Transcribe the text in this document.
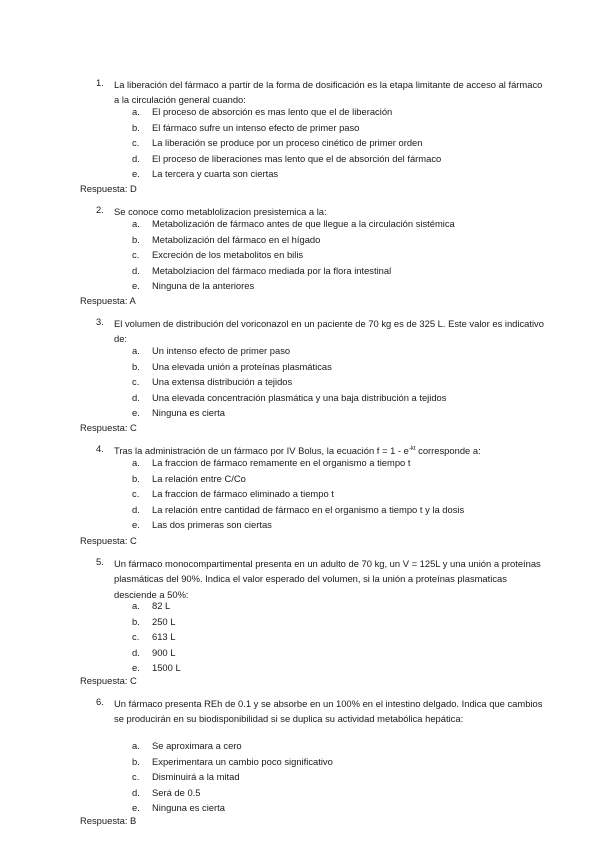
1. La liberación del fármaco a partir de la forma de dosificación es la etapa limitante de acceso al fármaco a la circulación general cuando:
a. El proceso de absorción es mas lento que el de liberación
b. El fármaco sufre un intenso efecto de primer paso
c. La liberación se produce por un proceso cinético de primer orden
d. El proceso de liberaciones mas lento que el de absorción del fármaco
e. La tercera y cuarta son ciertas
Respuesta: D
2. Se conoce como metablolizacion presistemica a la:
a. Metabolización de fármaco antes de que llegue a la circulación sistémica
b. Metabolización del fármaco en el hígado
c. Excreción de los metabolitos en bilis
d. Metabolziacion del fármaco mediada por la flora intestinal
e. Ninguna de la anteriores
Respuesta: A
3. El volumen de distribución del voriconazol en un paciente de 70 kg es de 325 L. Este valor es indicativo de:
a. Un intenso efecto de primer paso
b. Una elevada unión a proteínas plasmáticas
c. Una extensa distribución a tejidos
d. Una elevada concentración plasmática y una baja distribución a tejidos
e. Ninguna es cierta
Respuesta: C
4. Tras la administración de un fármaco por IV Bolus, la ecuación $f = 1 - e^{-kt}$ corresponde a:
a. La fraccion de fármaco remamente en el organismo a tiempo t
b. La relación entre C/Co
c. La fraccion de fármaco eliminado a tiempo t
d. La relación entre cantidad de fármaco en el organismo a tiempo t y la dosis
e. Las dos primeras son ciertas
Respuesta: C
5. Un fármaco monocompartimental presenta en un adulto de 70 kg, un V = 125L y una unión a proteínas plasmáticas del 90%. Indica el valor esperado del volumen, si la unión a proteínas plasmaticas desciende a 50%:
a. 82 L
b. 250 L
c. 613 L
d. 900 L
e. 1500 L
Respuesta: C
6. Un fármaco presenta REh de 0.1 y se absorbe en un 100% en el intestino delgado. Indica que cambios se producirán en su biodisponibilidad si se duplica su actividad metabólica hepática:
a. Se aproximara a cero
b. Experimentara un cambio poco significativo
c. Disminuirá a la mitad
d. Será de 0.5
e. Ninguna es cierta
Respuesta: B
